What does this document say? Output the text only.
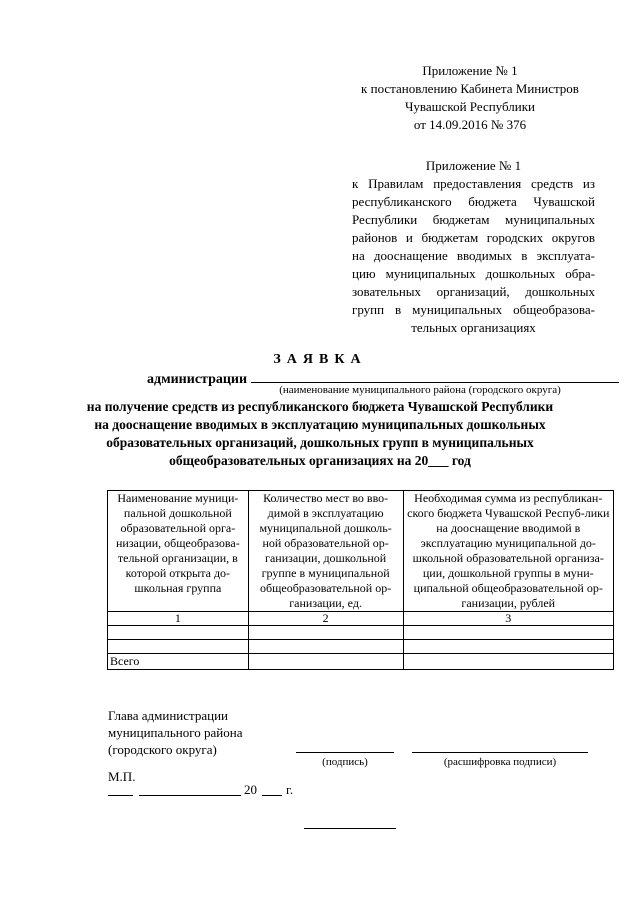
Приложение № 1
к постановлению Кабинета Министров
Чувашской Республики
от 14.09.2016 № 376
Приложение № 1
к Правилам предоставления средств из
республиканского бюджета Чувашской
Республики бюджетам муниципальных
районов и бюджетам городских округов
на дооснащение вводимых в эксплуата-
цию муниципальных дошкольных обра-
зовательных организаций, дошкольных
групп в муниципальных общеобразова-
тельных организациях
ЗАЯВКА
администрации
(наименование муниципального района (городского округа)
на получение средств из республиканского бюджета Чувашской Республики
на дооснащение вводимых в эксплуатацию муниципальных дошкольных
образовательных организаций, дошкольных групп в муниципальных
общеобразовательных организациях на 20___ год
Наименование муници-пальной дошкольной образовательной орга-низации, общеобразова-тельной организации, в которой открыта до-школьная группа	Количество мест во вво-димой в эксплуатацию муниципальной дошколь-ной образовательной ор-ганизации, дошкольной группе в муниципальной общеобразовательной ор-ганизации, ед.	Необходимая сумма из республикан-ского бюджета Чувашской Респуб-лики на дооснащение вводимой в эксплуатацию муниципальной до-школьной образовательной организа-ции, дошкольной группы в муни-ципальной общеобразовательной ор-ганизации, рублей
1	2	3

Всего		
Глава администрации
муниципального района
(городского округа)
(подпись)	(расшифровка подписи)
М.П.
20 г.
